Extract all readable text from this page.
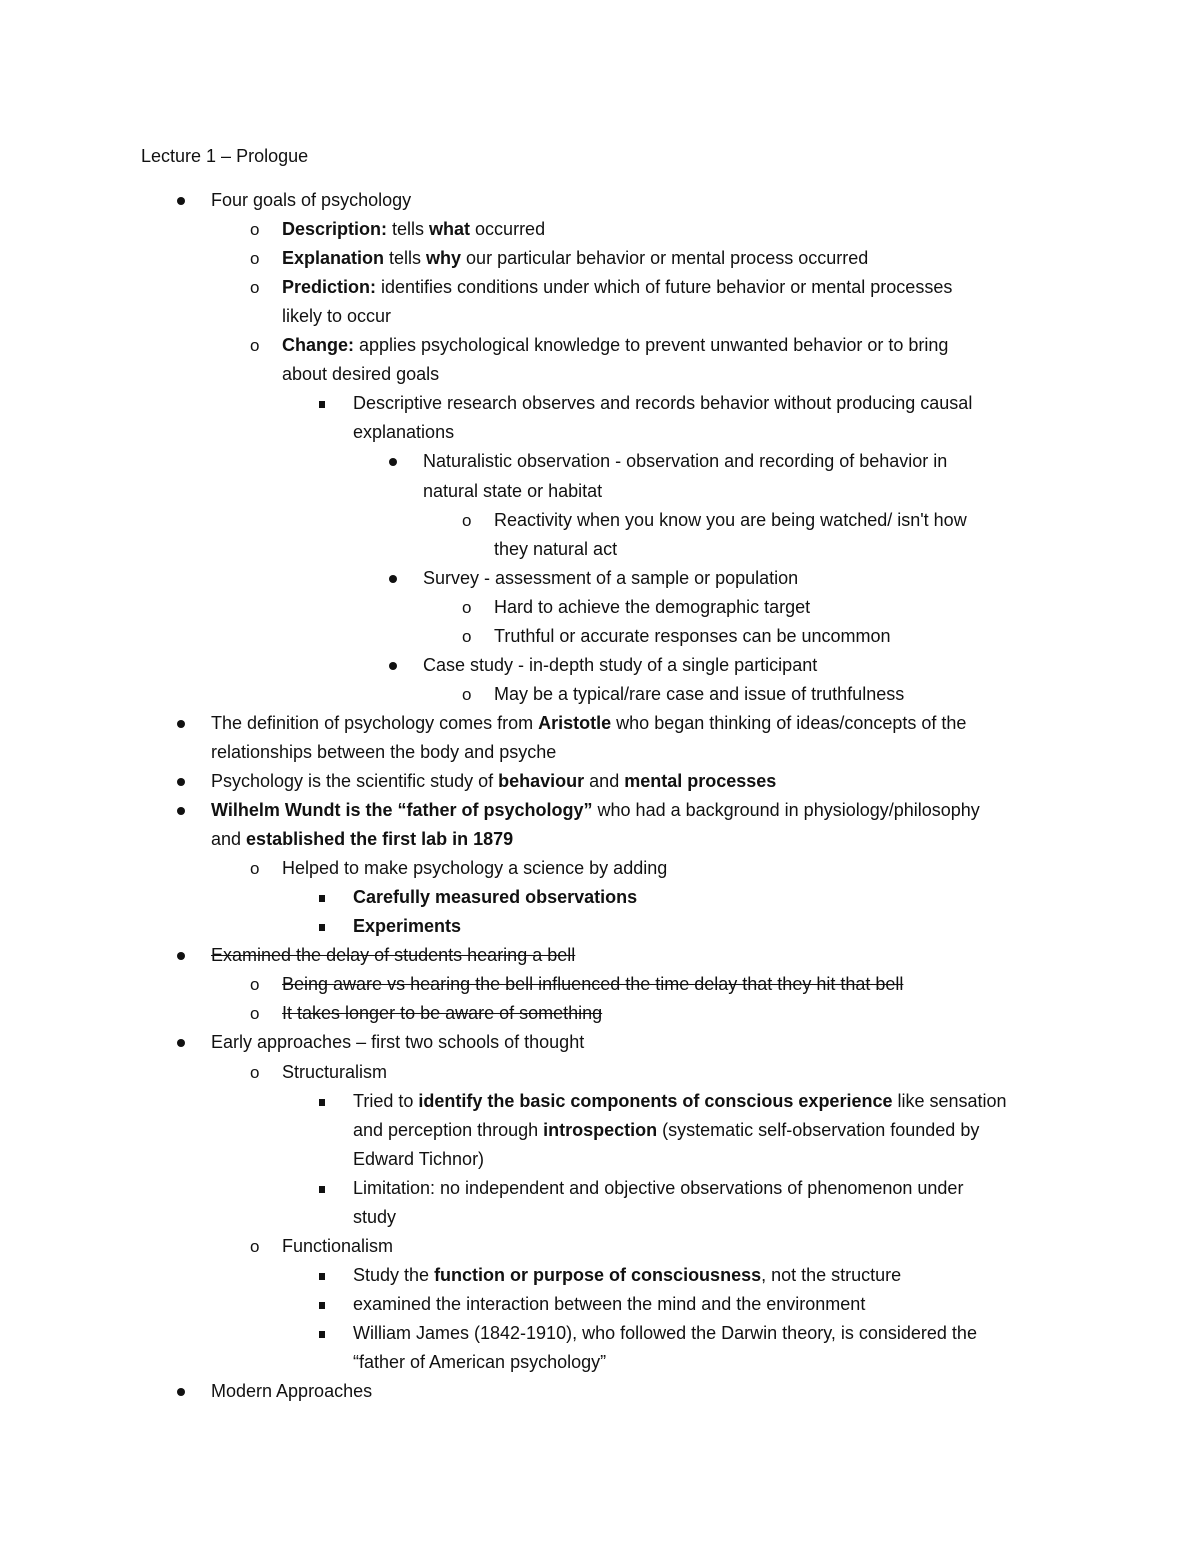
Lecture 1 – Prologue
Four goals of psychology
o Description: tells what occurred
o Explanation tells why our particular behavior or mental process occurred
o Prediction: identifies conditions under which of future behavior or mental processes
likely to occur
o Change: applies psychological knowledge to prevent unwanted behavior or to bring
about desired goals
Descriptive research observes and records behavior without producing causal
explanations
Naturalistic observation - observation and recording of behavior in
natural state or habitat
o Reactivity when you know you are being watched/ isn't how
they natural act
Survey - assessment of a sample or population
o Hard to achieve the demographic target
o Truthful or accurate responses can be uncommon
Case study - in-depth study of a single participant
o May be a typical/rare case and issue of truthfulness
The definition of psychology comes from Aristotle who began thinking of ideas/concepts of the
relationships between the body and psyche
Psychology is the scientific study of behaviour and mental processes
Wilhelm Wundt is the “father of psychology” who had a background in physiology/philosophy
and established the first lab in 1879
o Helped to make psychology a science by adding
Carefully measured observations
Experiments
Examined the delay of students hearing a bell
o Being aware vs hearing the bell influenced the time delay that they hit that bell
o It takes longer to be aware of something
Early approaches – first two schools of thought
o Structuralism
Tried to identify the basic components of conscious experience like sensation
and perception through introspection (systematic self-observation founded by
Edward Tichnor)
Limitation: no independent and objective observations of phenomenon under
study
o Functionalism
Study the function or purpose of consciousness, not the structure
examined the interaction between the mind and the environment
William James (1842-1910), who followed the Darwin theory, is considered the
“father of American psychology”
Modern Approaches
